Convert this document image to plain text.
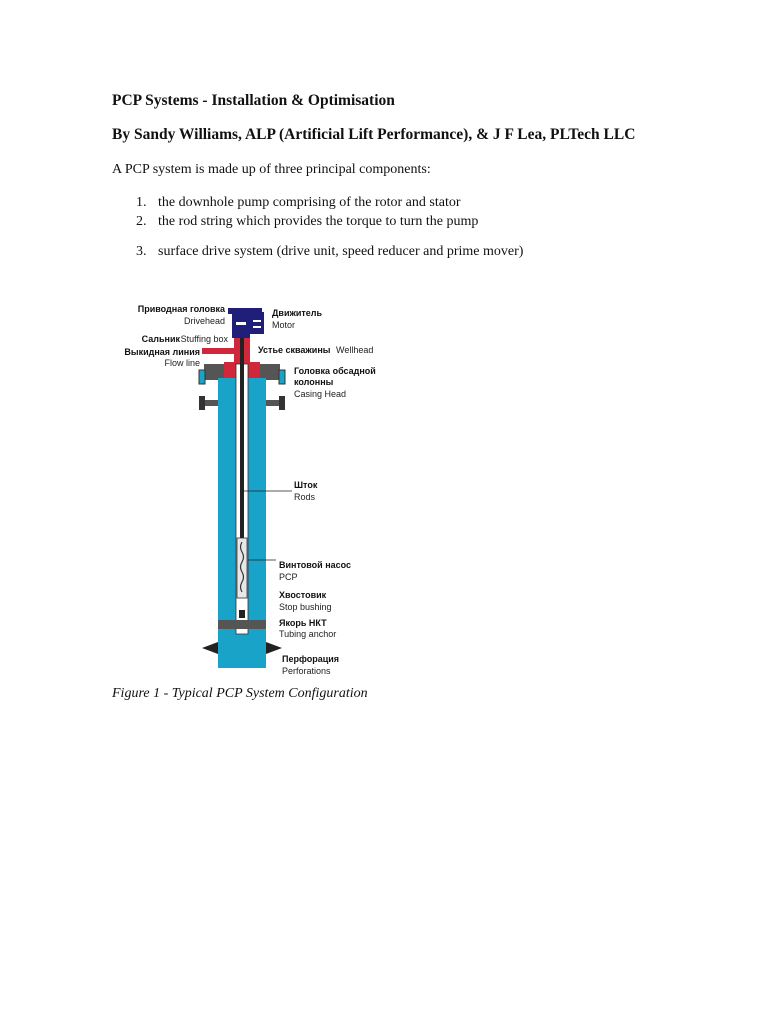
PCP Systems - Installation & Optimisation
By Sandy Williams, ALP (Artificial Lift Performance), & J F Lea, PLTech LLC
A PCP system is made up of three principal components:
1. the downhole pump comprising of the rotor and stator
2. the rod string which provides the torque to turn the pump
3. surface drive system (drive unit, speed reducer and prime mover)
Приводная головка
Drivehead
Сальник Stuffing box
Выкидная линия
Flow line
Движитель
Motor
Устье скважины Wellhead
Головка обсадной
колонны
Casing Head
Шток
Rods
Винтовой насос
PCP
Хвостовик
Stop bushing
Якорь НКТ
Tubing anchor
Перфорация
Perforations
Figure 1 - Typical PCP System Configuration
